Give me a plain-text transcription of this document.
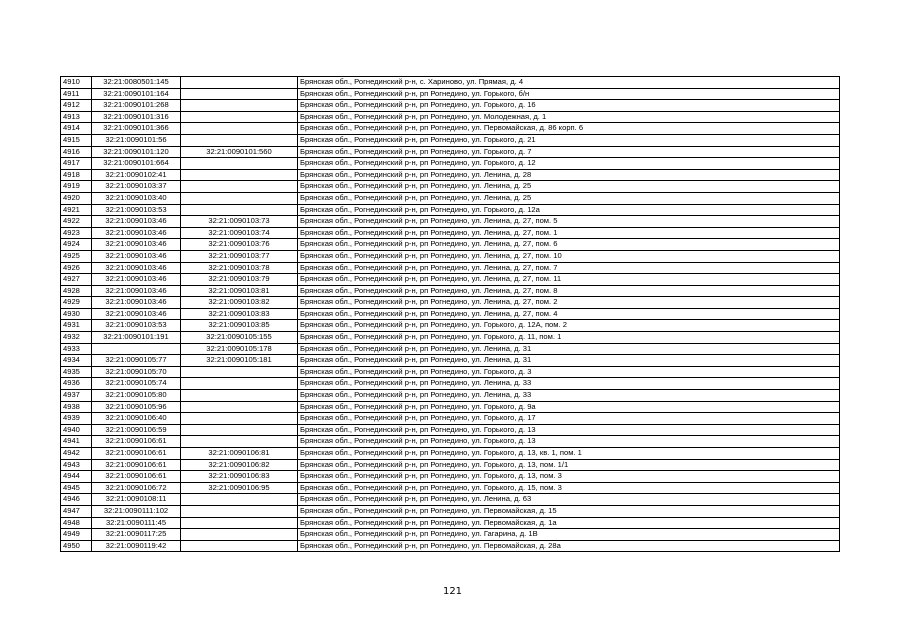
4910	32:21:0080501:145		Брянская обл., Рогнединский р-н, с. Хариново, ул. Прямая, д. 4
4911	32:21:0090101:164		Брянская обл., Рогнединский р-н, рп Рогнедино, ул. Горького, б/н
4912	32:21:0090101:268		Брянская обл., Рогнединский р-н, рп Рогнедино, ул. Горького, д. 16
4913	32:21:0090101:316		Брянская обл., Рогнединский р-н, рп Рогнедино, ул. Молодежная, д. 1
4914	32:21:0090101:366		Брянская обл., Рогнединский р-н, рп Рогнедино, ул. Первомайская, д. 86 корп. 6
4915	32:21:0090101:56		Брянская обл., Рогнединский р-н, рп Рогнедино, ул. Горького, д. 21
4916	32:21:0090101:120	32:21:0090101:560	Брянская обл., Рогнединский р-н, рп Рогнедино, ул. Горького, д. 7
4917	32:21:0090101:664		Брянская обл., Рогнединский р-н, рп Рогнедино, ул. Горького, д. 12
4918	32:21:0090102:41		Брянская обл., Рогнединский р-н, рп Рогнедино, ул. Ленина, д. 28
4919	32:21:0090103:37		Брянская обл., Рогнединский р-н, рп Рогнедино, ул. Ленина, д. 25
4920	32:21:0090103:40		Брянская обл., Рогнединский р-н, рп Рогнедино, ул. Ленина, д. 25
4921	32:21:0090103:53		Брянская обл., Рогнединский р-н, рп Рогнедино, ул. Горького, д. 12а
4922	32:21:0090103:46	32:21:0090103:73	Брянская обл., Рогнединский р-н, рп Рогнедино, ул. Ленина, д. 27, пом. 5
4923	32:21:0090103:46	32:21:0090103:74	Брянская обл., Рогнединский р-н, рп Рогнедино, ул. Ленина, д. 27, пом. 1
4924	32:21:0090103:46	32:21:0090103:76	Брянская обл., Рогнединский р-н, рп Рогнедино, ул. Ленина, д. 27, пом. 6
4925	32:21:0090103:46	32:21:0090103:77	Брянская обл., Рогнединский р-н, рп Рогнедино, ул. Ленина, д. 27, пом. 10
4926	32:21:0090103:46	32:21:0090103:78	Брянская обл., Рогнединский р-н, рп Рогнедино, ул. Ленина, д. 27, пом. 7
4927	32:21:0090103:46	32:21:0090103:79	Брянская обл., Рогнединский р-н, рп Рогнедино, ул. Ленина, д. 27, пом. 11
4928	32:21:0090103:46	32:21:0090103:81	Брянская обл., Рогнединский р-н, рп Рогнедино, ул. Ленина, д. 27, пом. 8
4929	32:21:0090103:46	32:21:0090103:82	Брянская обл., Рогнединский р-н, рп Рогнедино, ул. Ленина, д. 27, пом. 2
4930	32:21:0090103:46	32:21:0090103:83	Брянская обл., Рогнединский р-н, рп Рогнедино, ул. Ленина, д. 27, пом. 4
4931	32:21:0090103:53	32:21:0090103:85	Брянская обл., Рогнединский р-н, рп Рогнедино, ул. Горького, д. 12А, пом. 2
4932	32:21:0090101:191	32:21:0090105:155	Брянская обл., Рогнединский р-н, рп Рогнедино, ул. Горького, д. 11, пом. 1
4933		32:21:0090105:178	Брянская обл., Рогнединский р-н, рп Рогнедино, ул. Ленина, д. 31
4934	32:21:0090105:77	32:21:0090105:181	Брянская обл., Рогнединский р-н, рп Рогнедино, ул. Ленина, д. 31
4935	32:21:0090105:70		Брянская обл., Рогнединский р-н, рп Рогнедино, ул. Горького, д. 3
4936	32:21:0090105:74		Брянская обл., Рогнединский р-н, рп Рогнедино, ул. Ленина, д. 33
4937	32:21:0090105:80		Брянская обл., Рогнединский р-н, рп Рогнедино, ул. Ленина, д. 33
4938	32:21:0090105:96		Брянская обл., Рогнединский р-н, рп Рогнедино, ул. Горького, д. 9а
4939	32:21:0090106:40		Брянская обл., Рогнединский р-н, рп Рогнедино, ул. Горького, д. 17
4940	32:21:0090106:59		Брянская обл., Рогнединский р-н, рп Рогнедино, ул. Горького, д. 13
4941	32:21:0090106:61		Брянская обл., Рогнединский р-н, рп Рогнедино, ул. Горького, д. 13
4942	32:21:0090106:61	32:21:0090106:81	Брянская обл., Рогнединский р-н, рп Рогнедино, ул. Горького, д. 13, кв. 1, пом. 1
4943	32:21:0090106:61	32:21:0090106:82	Брянская обл., Рогнединский р-н, рп Рогнедино, ул. Горького, д. 13, пом. 1/1
4944	32:21:0090106:61	32:21:0090106:83	Брянская обл., Рогнединский р-н, рп Рогнедино, ул. Горького, д. 13, пом. 3
4945	32:21:0090106:72	32:21:0090106:95	Брянская обл., Рогнединский р-н, рп Рогнедино, ул. Горького, д. 15, пом. 3
4946	32:21:0090108:11		Брянская обл., Рогнединский р-н, рп Рогнедино, ул. Ленина, д. 63
4947	32:21:0090111:102		Брянская обл., Рогнединский р-н, рп Рогнедино, ул. Первомайская, д. 15
4948	32:21:0090111:45		Брянская обл., Рогнединский р-н, рп Рогнедино, ул. Первомайская, д. 1а
4949	32:21:0090117:25		Брянская обл., Рогнединский р-н, рп Рогнедино, ул. Гагарина, д. 1В
4950	32:21:0090119:42		Брянская обл., Рогнединский р-н, рп Рогнедино, ул. Первомайская, д. 28а
121
